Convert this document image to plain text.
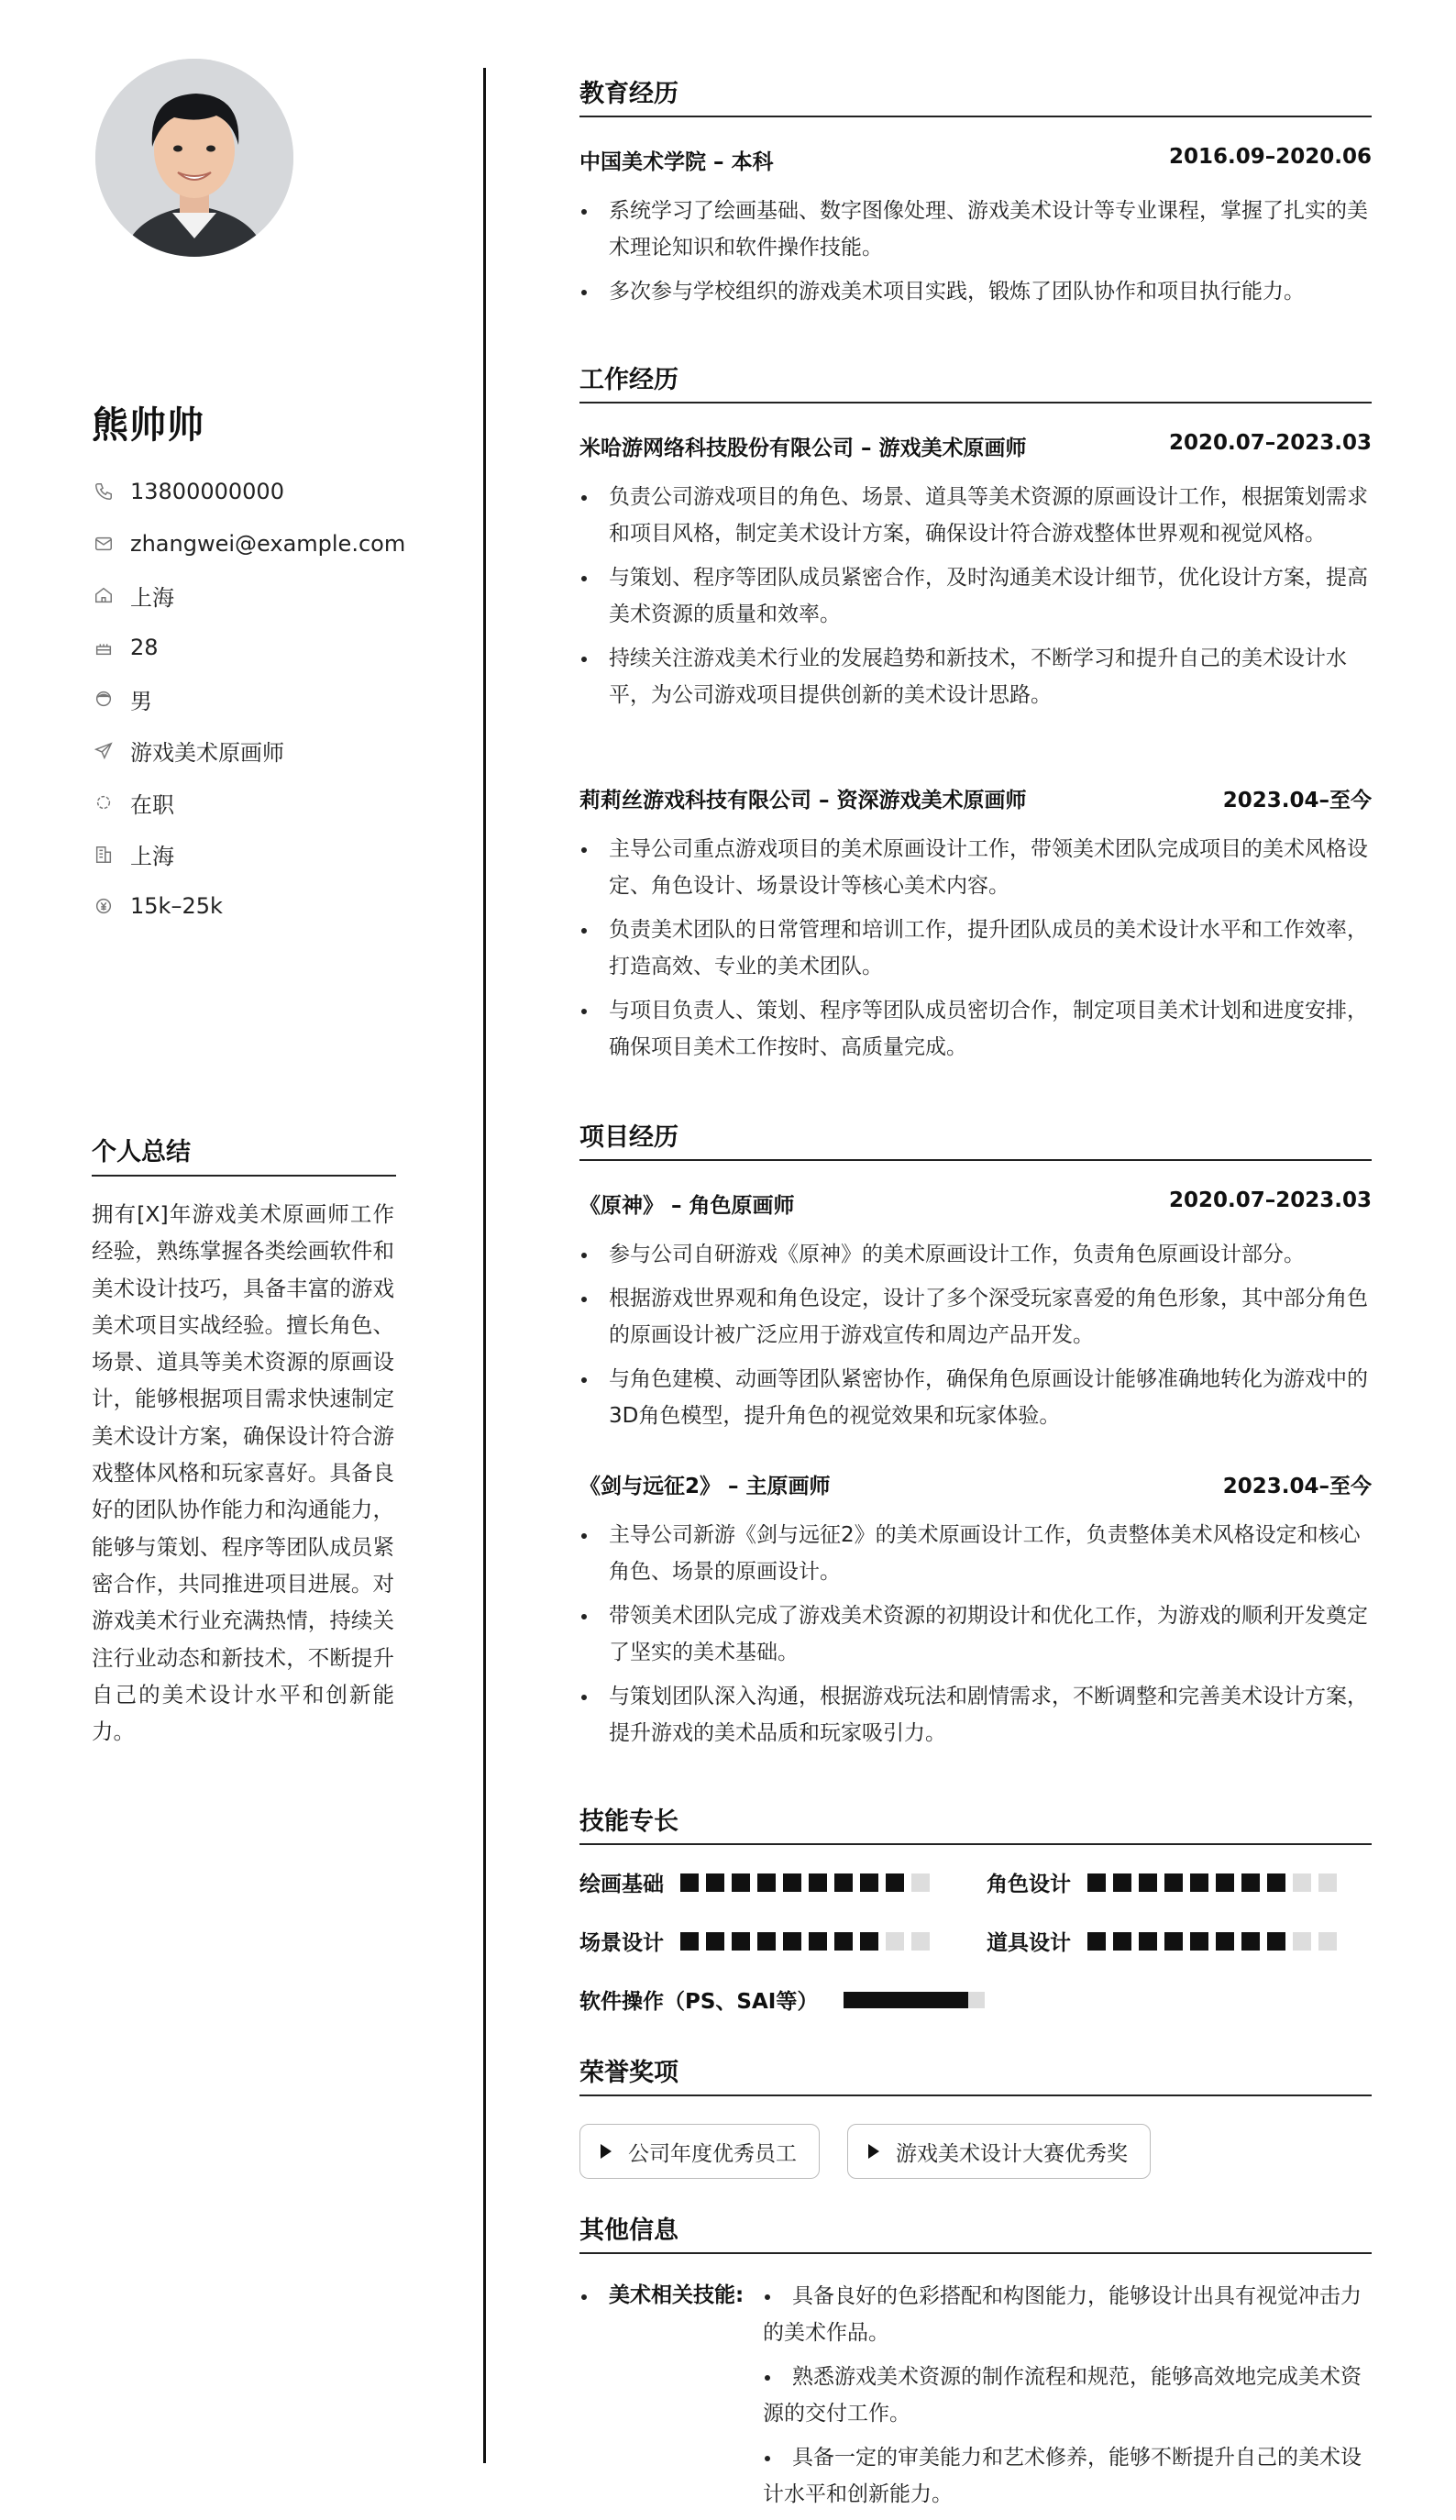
熊帅帅
13800000000
zhangwei@example.com
上海
28
男
游戏美术原画师
在职
上海
15k–25k
个人总结
拥有[X]年游戏美术原画师工作经验，熟练掌握各类绘画软件和美术设计技巧，具备丰富的游戏美术项目实战经验。擅长角色、场景、道具等美术资源的原画设计，能够根据项目需求快速制定美术设计方案，确保设计符合游戏整体风格和玩家喜好。具备良好的团队协作能力和沟通能力，能够与策划、程序等团队成员紧密合作，共同推进项目进展。对游戏美术行业充满热情，持续关注行业动态和新技术，不断提升自己的美术设计水平和创新能力。
教育经历
中国美术学院 – 本科	2016.09–2020.06
系统学习了绘画基础、数字图像处理、游戏美术设计等专业课程，掌握了扎实的美术理论知识和软件操作技能。
多次参与学校组织的游戏美术项目实践，锻炼了团队协作和项目执行能力。
工作经历
米哈游网络科技股份有限公司 – 游戏美术原画师	2020.07–2023.03
负责公司游戏项目的角色、场景、道具等美术资源的原画设计工作，根据策划需求和项目风格，制定美术设计方案，确保设计符合游戏整体世界观和视觉风格。
与策划、程序等团队成员紧密合作，及时沟通美术设计细节，优化设计方案，提高美术资源的质量和效率。
持续关注游戏美术行业的发展趋势和新技术，不断学习和提升自己的美术设计水平，为公司游戏项目提供创新的美术设计思路。
莉莉丝游戏科技有限公司 – 资深游戏美术原画师	2023.04–至今
主导公司重点游戏项目的美术原画设计工作，带领美术团队完成项目的美术风格设定、角色设计、场景设计等核心美术内容。
负责美术团队的日常管理和培训工作，提升团队成员的美术设计水平和工作效率，打造高效、专业的美术团队。
与项目负责人、策划、程序等团队成员密切合作，制定项目美术计划和进度安排，确保项目美术工作按时、高质量完成。
项目经历
《原神》 – 角色原画师	2020.07–2023.03
参与公司自研游戏《原神》的美术原画设计工作，负责角色原画设计部分。
根据游戏世界观和角色设定，设计了多个深受玩家喜爱的角色形象，其中部分角色的原画设计被广泛应用于游戏宣传和周边产品开发。
与角色建模、动画等团队紧密协作，确保角色原画设计能够准确地转化为游戏中的3D角色模型，提升角色的视觉效果和玩家体验。
《剑与远征2》 – 主原画师	2023.04–至今
主导公司新游《剑与远征2》的美术原画设计工作，负责整体美术风格设定和核心角色、场景的原画设计。
带领美术团队完成了游戏美术资源的初期设计和优化工作，为游戏的顺利开发奠定了坚实的美术基础。
与策划团队深入沟通，根据游戏玩法和剧情需求，不断调整和完善美术设计方案，提升游戏的美术品质和玩家吸引力。
技能专长
绘画基础	角色设计
场景设计	道具设计
软件操作（PS、SAI等）
荣誉奖项
公司年度优秀员工	游戏美术设计大赛优秀奖
其他信息
美术相关技能:	具备良好的色彩搭配和构图能力，能够设计出具有视觉冲击力的美术作品。
熟悉游戏美术资源的制作流程和规范，能够高效地完成美术资源的交付工作。
具备一定的审美能力和艺术修养，能够不断提升自己的美术设计水平和创新能力。
